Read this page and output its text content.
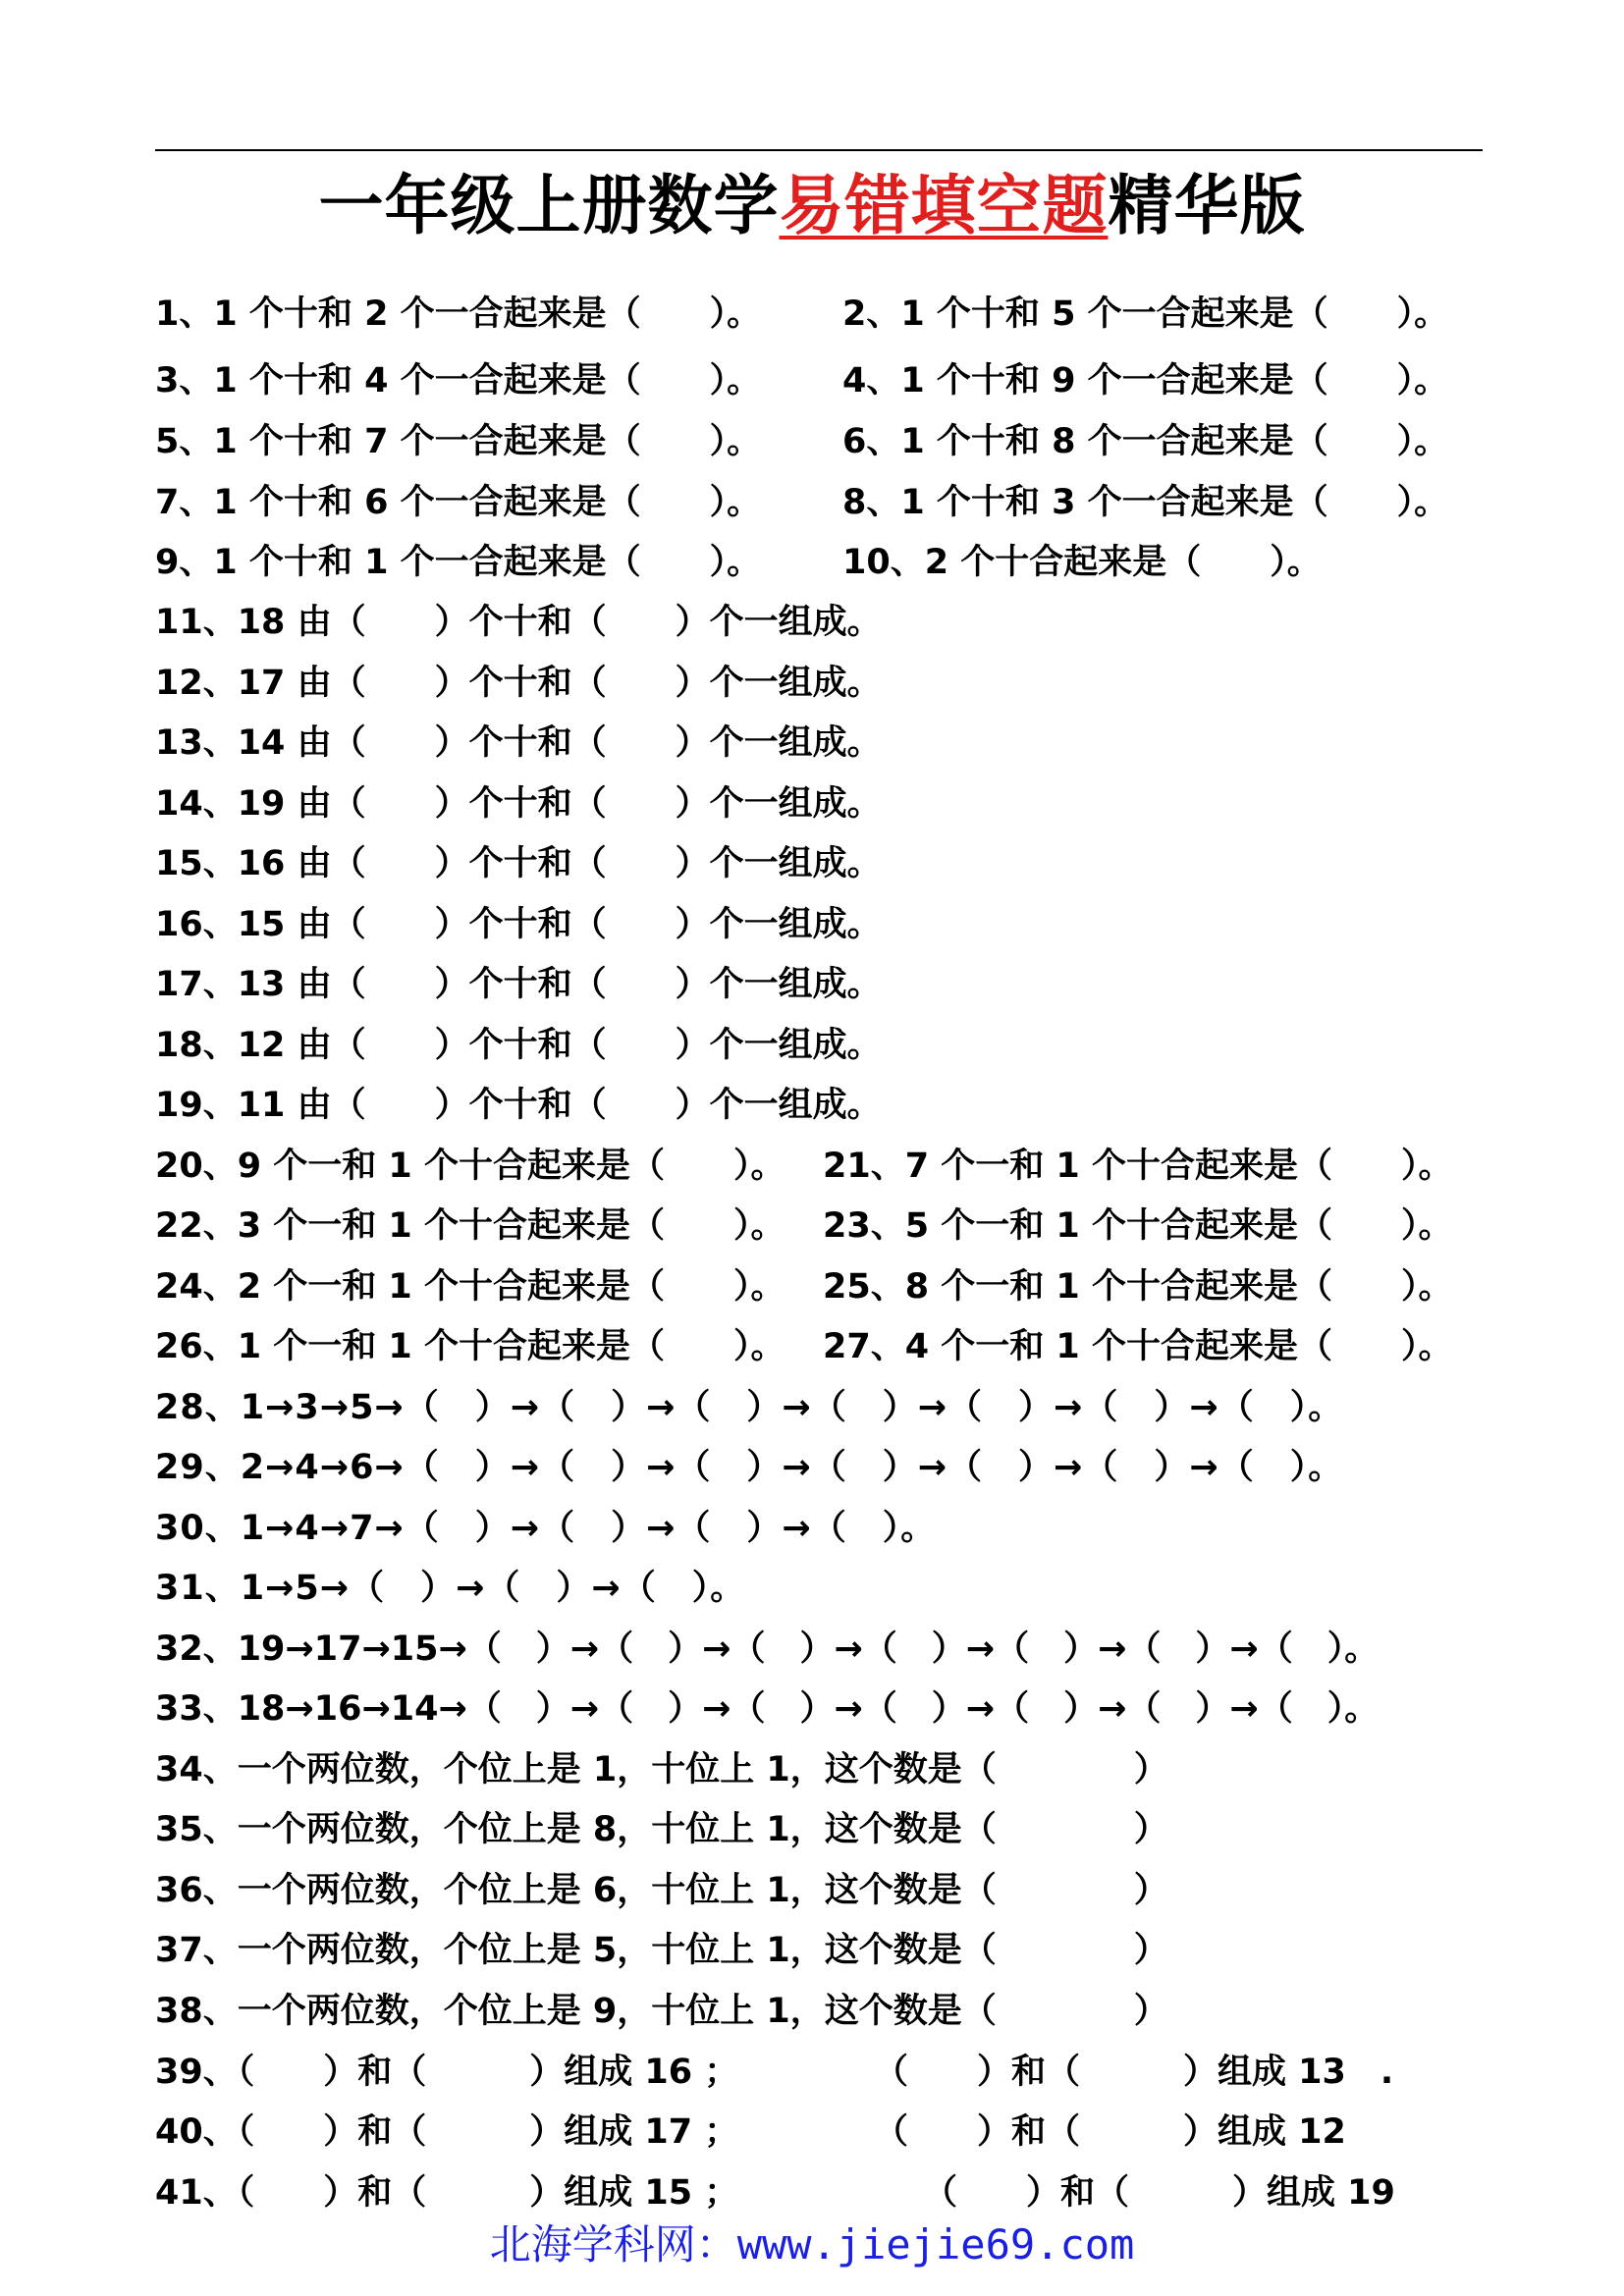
一年级上册数学易错填空题精华版
1、1 个十和 2 个一合起来是（　　）。 2、1 个十和 5 个一合起来是（　　）。
3、1 个十和 4 个一合起来是（　　）。 4、1 个十和 9 个一合起来是（　　）。
5、1 个十和 7 个一合起来是（　　）。 6、1 个十和 8 个一合起来是（　　）。
7、1 个十和 6 个一合起来是（　　）。 8、1 个十和 3 个一合起来是（　　）。
9、1 个十和 1 个一合起来是（　　）。 10、2 个十合起来是（　　）。
11、18 由（　　）个十和（　　）个一组成。
12、17 由（　　）个十和（　　）个一组成。
13、14 由（　　）个十和（　　）个一组成。
14、19 由（　　）个十和（　　）个一组成。
15、16 由（　　）个十和（　　）个一组成。
16、15 由（　　）个十和（　　）个一组成。
17、13 由（　　）个十和（　　）个一组成。
18、12 由（　　）个十和（　　）个一组成。
19、11 由（　　）个十和（　　）个一组成。
20、9 个一和 1 个十合起来是（　　）。 21、7 个一和 1 个十合起来是（　　）。
22、3 个一和 1 个十合起来是（　　）。 23、5 个一和 1 个十合起来是（　　）。
24、2 个一和 1 个十合起来是（　　）。 25、8 个一和 1 个十合起来是（　　）。
26、1 个一和 1 个十合起来是（　　）。 27、4 个一和 1 个十合起来是（　　）。
28、1→3→5→（　）→（　）→（　）→（　）→（　）→（　）→（　）。
29、2→4→6→（　）→（　）→（　）→（　）→（　）→（　）→（　）。
30、1→4→7→（　）→（　）→（　）→（　）。
31、1→5→（　）→（　）→（　）。
32、19→17→15→（　）→（　）→（　）→（　）→（　）→（　）→（　）。
33、18→16→14→（　）→（　）→（　）→（　）→（　）→（　）→（　）。
34、一个两位数，个位上是 1，十位上 1，这个数是（　　　　）
35、一个两位数，个位上是 8，十位上 1，这个数是（　　　　）
36、一个两位数，个位上是 6，十位上 1，这个数是（　　　　）
37、一个两位数，个位上是 5，十位上 1，这个数是（　　　　）
38、一个两位数，个位上是 9，十位上 1，这个数是（　　　　）
39、（　　）和（　　　）组成 16 ；	（　　）和（　　　）组成 13　.
40、（　　）和（　　　）组成 17 ；	（　　）和（　　　）组成 12
41、（　　）和（　　　）组成 15 ；	（　　）和（　　　）组成 19
北海学科网：www.jiejie69.com
